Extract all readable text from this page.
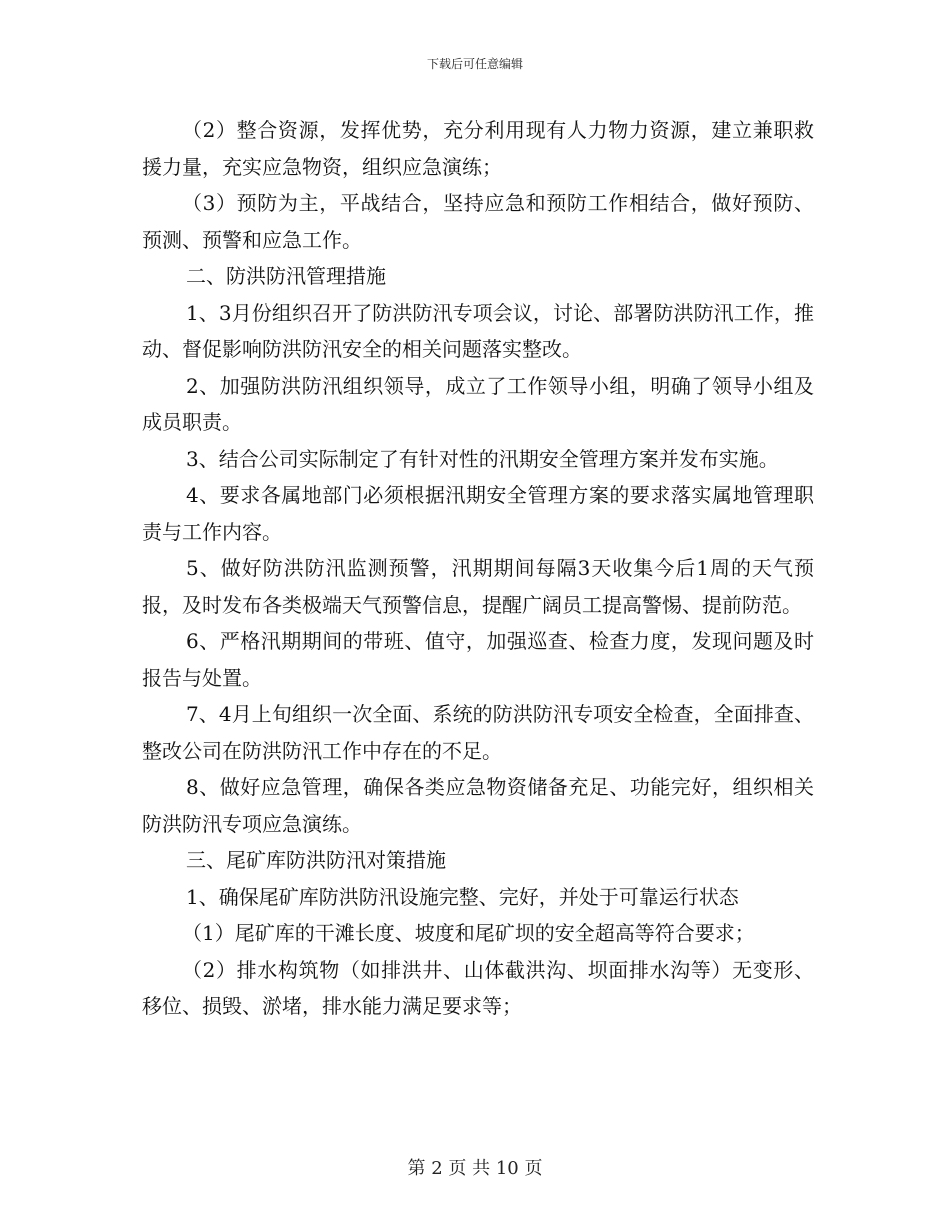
下载后可任意编辑

（2）整合资源，发挥优势，充分利用现有人力物力资源，建立兼职救援力量，充实应急物资，组织应急演练；

（3）预防为主，平战结合，坚持应急和预防工作相结合，做好预防、预测、预警和应急工作。

二、防洪防汛管理措施

1、3月份组织召开了防洪防汛专项会议，讨论、部署防洪防汛工作，推动、督促影响防洪防汛安全的相关问题落实整改。

2、加强防洪防汛组织领导，成立了工作领导小组，明确了领导小组及成员职责。

3、结合公司实际制定了有针对性的汛期安全管理方案并发布实施。

4、要求各属地部门必须根据汛期安全管理方案的要求落实属地管理职责与工作内容。

5、做好防洪防汛监测预警，汛期期间每隔3天收集今后1周的天气预报，及时发布各类极端天气预警信息，提醒广阔员工提高警惕、提前防范。

6、严格汛期期间的带班、值守，加强巡查、检查力度，发现问题及时报告与处置。

7、4月上旬组织一次全面、系统的防洪防汛专项安全检查，全面排查、整改公司在防洪防汛工作中存在的不足。

8、做好应急管理，确保各类应急物资储备充足、功能完好，组织相关防洪防汛专项应急演练。

三、尾矿库防洪防汛对策措施

1、确保尾矿库防洪防汛设施完整、完好，并处于可靠运行状态

（1）尾矿库的干滩长度、坡度和尾矿坝的安全超高等符合要求；

（2）排水构筑物（如排洪井、山体截洪沟、坝面排水沟等）无变形、移位、损毁、淤堵，排水能力满足要求等；

第 2 页 共 10 页
